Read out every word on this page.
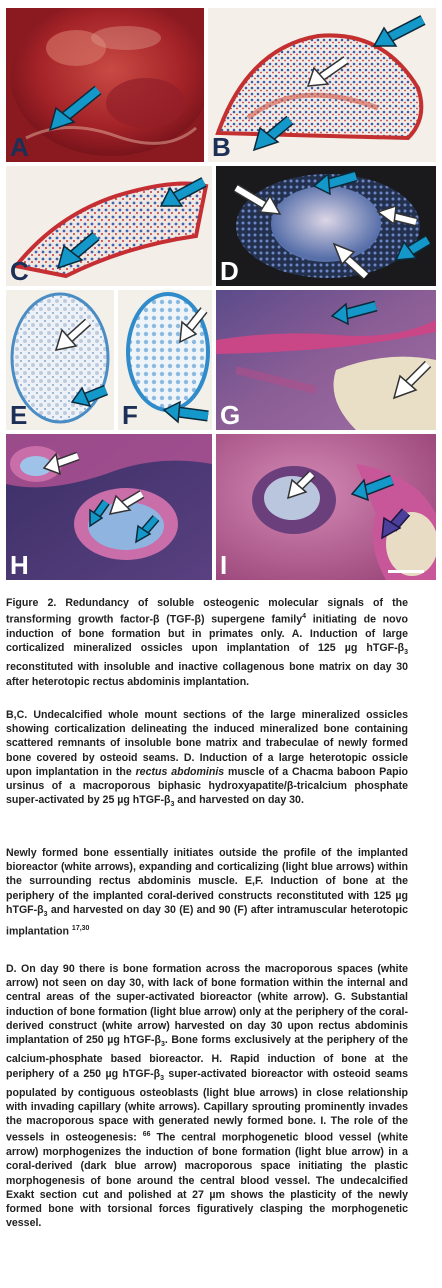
A	B
C	D
E	F	G
H	I

Figure 2. Redundancy of soluble osteogenic molecular signals of the transforming growth factor-β (TGF-β) supergene family$^4$ initiating de novo induction of bone formation but in primates only. A. Induction of large corticalized mineralized ossicles upon implantation of 125 µg hTGF-$\beta_3$ reconstituted with insoluble and inactive collagenous bone matrix on day 30 after heterotopic rectus abdominis implantation.

B,C. Undecalcified whole mount sections of the large mineralized ossicles showing corticalization delineating the induced mineralized bone containing scattered remnants of insoluble bone matrix and trabeculae of newly formed bone covered by osteoid seams. D. Induction of a large heterotopic ossicle upon implantation in the rectus abdominis muscle of a Chacma baboon Papio ursinus of a macroporous biphasic hydroxyapatite/β-tricalcium phosphate super-activated by 25 µg hTGF-$\beta_3$ and harvested on day 30.

Newly formed bone essentially initiates outside the profile of the implanted bioreactor (white arrows), expanding and corticalizing (light blue arrows) within the surrounding rectus abdominis muscle. E,F. Induction of bone at the periphery of the implanted coral-derived constructs reconstituted with 125 µg hTGF-$\beta_3$ and harvested on day 30 (E) and 90 (F) after intramuscular heterotopic implantation $^{17,30}$

D. On day 90 there is bone formation across the macroporous spaces (white arrow) not seen on day 30, with lack of bone formation within the internal and central areas of the super-activated bioreactor (white arrow). G. Substantial induction of bone formation (light blue arrow) only at the periphery of the coral-derived construct (white arrow) harvested on day 30 upon rectus abdominis implantation of 250 µg hTGF-$\beta_3$. Bone forms exclusively at the periphery of the calcium-phosphate based bioreactor. H. Rapid induction of bone at the periphery of a 250 µg hTGF-$\beta_3$ super-activated bioreactor with osteoid seams populated by contiguous osteoblasts (light blue arrows) in close relationship with invading capillary (white arrows). Capillary sprouting prominently invades the macroporous space with generated newly formed bone. I. The role of the vessels in osteogenesis: $^{66}$ The central morphogenetic blood vessel (white arrow) morphogenizes the induction of bone formation (light blue arrow) in a coral-derived (dark blue arrow) macroporous space initiating the plastic morphogenesis of bone around the central blood vessel. The undecalcified Exakt section cut and polished at 27 µm shows the plasticity of the newly formed bone with torsional forces figuratively clasping the morphogenetic vessel.
